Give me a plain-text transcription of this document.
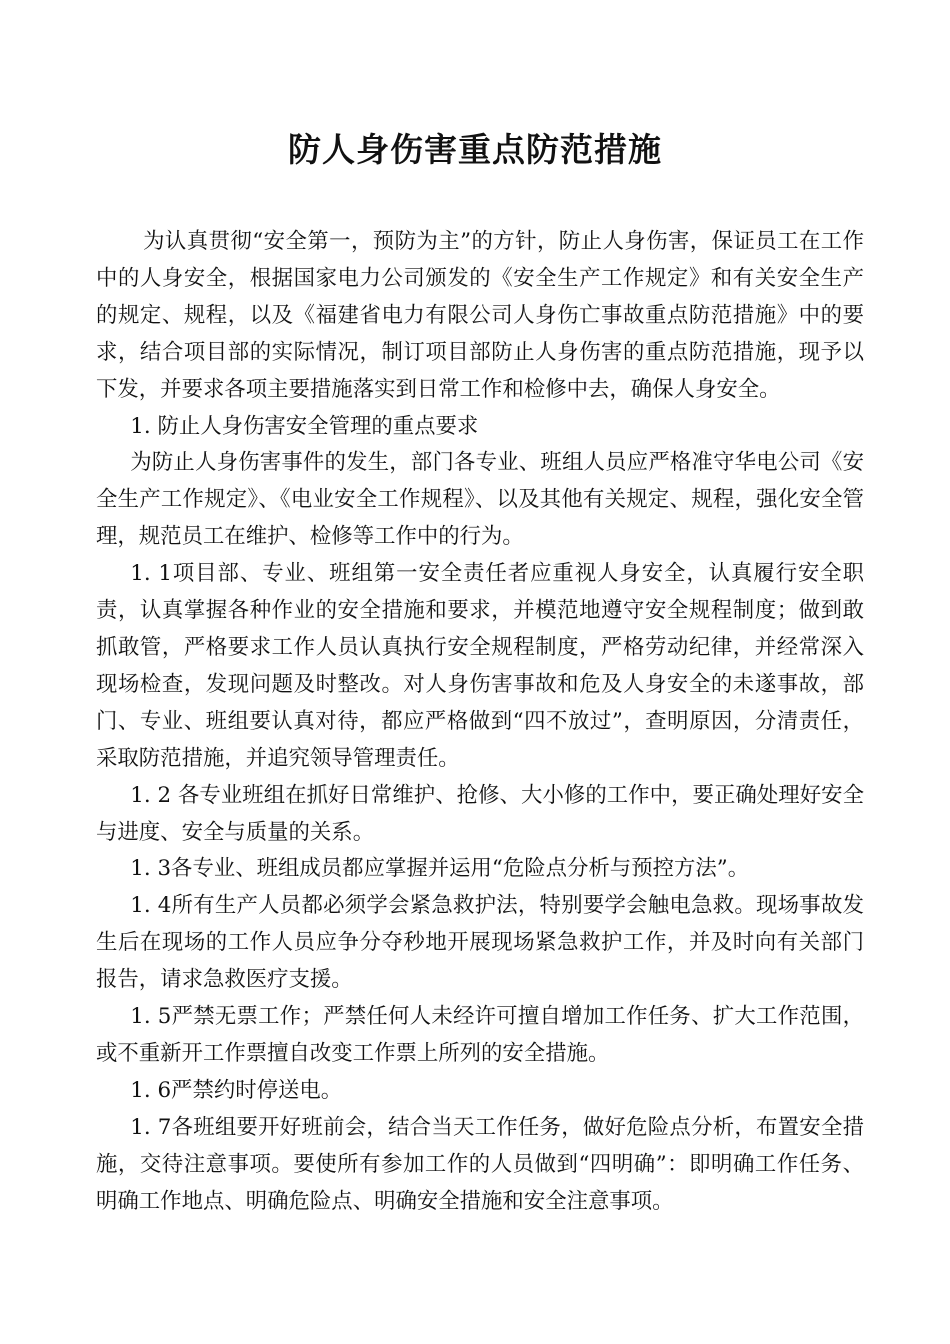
防人身伤害重点防范措施

为认真贯彻“安全第一，预防为主”的方针，防止人身伤害，保证员工在工作中的人身安全，根据国家电力公司颁发的《安全生产工作规定》和有关安全生产的规定、规程，以及《福建省电力有限公司人身伤亡事故重点防范措施》中的要求，结合项目部的实际情况，制订项目部防止人身伤害的重点防范措施，现予以下发，并要求各项主要措施落实到日常工作和检修中去，确保人身安全。

1. 防止人身伤害安全管理的重点要求

为防止人身伤害事件的发生，部门各专业、班组人员应严格准守华电公司《安全生产工作规定》、《电业安全工作规程》、以及其他有关规定、规程，强化安全管理，规范员工在维护、检修等工作中的行为。

1. 1项目部、专业、班组第一安全责任者应重视人身安全，认真履行安全职责，认真掌握各种作业的安全措施和要求，并模范地遵守安全规程制度；做到敢抓敢管，严格要求工作人员认真执行安全规程制度，严格劳动纪律，并经常深入现场检查，发现问题及时整改。对人身伤害事故和危及人身安全的未遂事故，部门、专业、班组要认真对待，都应严格做到“四不放过”，查明原因，分清责任，采取防范措施，并追究领导管理责任。

1. 2 各专业班组在抓好日常维护、抢修、大小修的工作中，要正确处理好安全与进度、安全与质量的关系。

1. 3各专业、班组成员都应掌握并运用“危险点分析与预控方法”。

1. 4所有生产人员都必须学会紧急救护法，特别要学会触电急救。现场事故发生后在现场的工作人员应争分夺秒地开展现场紧急救护工作，并及时向有关部门报告，请求急救医疗支援。

1. 5严禁无票工作；严禁任何人未经许可擅自增加工作任务、扩大工作范围，或不重新开工作票擅自改变工作票上所列的安全措施。

1. 6严禁约时停送电。

1. 7各班组要开好班前会，结合当天工作任务，做好危险点分析，布置安全措施，交待注意事项。要使所有参加工作的人员做到“四明确”：即明确工作任务、明确工作地点、明确危险点、明确安全措施和安全注意事项。
